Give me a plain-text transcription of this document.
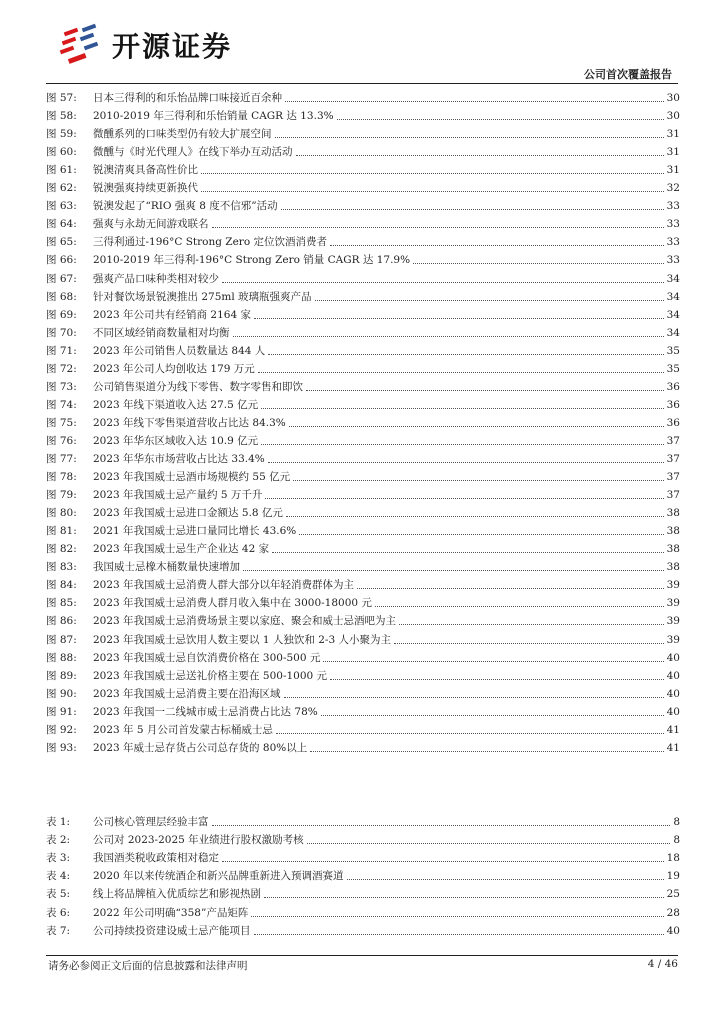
开源证券
公司首次覆盖报告
图 57:	日本三得利的和乐怡品牌口味接近百余种	30
图 58:	2010-2019 年三得利和乐怡销量 CAGR 达 13.3%	30
图 59:	微醺系列的口味类型仍有较大扩展空间	31
图 60:	微醺与《时光代理人》在线下举办互动活动	31
图 61:	锐澳清爽具备高性价比	31
图 62:	锐澳强爽持续更新换代	32
图 63:	锐澳发起了“RIO 强爽 8 度不信邪”活动	33
图 64:	强爽与永劫无间游戏联名	33
图 65:	三得利通过-196°C Strong Zero 定位饮酒消费者	33
图 66:	2010-2019 年三得利-196°C Strong Zero 销量 CAGR 达 17.9%	33
图 67:	强爽产品口味种类相对较少	34
图 68:	针对餐饮场景锐澳推出 275ml 玻璃瓶强爽产品	34
图 69:	2023 年公司共有经销商 2164 家	34
图 70:	不同区域经销商数量相对均衡	34
图 71:	2023 年公司销售人员数量达 844 人	35
图 72:	2023 年公司人均创收达 179 万元	35
图 73:	公司销售渠道分为线下零售、数字零售和即饮	36
图 74:	2023 年线下渠道收入达 27.5 亿元	36
图 75:	2023 年线下零售渠道营收占比达 84.3%	36
图 76:	2023 年华东区域收入达 10.9 亿元	37
图 77:	2023 年华东市场营收占比达 33.4%	37
图 78:	2023 年我国威士忌酒市场规模约 55 亿元	37
图 79:	2023 年我国威士忌产量约 5 万千升	37
图 80:	2023 年我国威士忌进口金额达 5.8 亿元	38
图 81:	2021 年我国威士忌进口量同比增长 43.6%	38
图 82:	2023 年我国威士忌生产企业达 42 家	38
图 83:	我国威士忌橡木桶数量快速增加	38
图 84:	2023 年我国威士忌消费人群大部分以年轻消费群体为主	39
图 85:	2023 年我国威士忌消费人群月收入集中在 3000-18000 元	39
图 86:	2023 年我国威士忌消费场景主要以家庭、聚会和威士忌酒吧为主	39
图 87:	2023 年我国威士忌饮用人数主要以 1 人独饮和 2-3 人小聚为主	39
图 88:	2023 年我国威士忌自饮消费价格在 300-500 元	40
图 89:	2023 年我国威士忌送礼价格主要在 500-1000 元	40
图 90:	2023 年我国威士忌消费主要在沿海区域	40
图 91:	2023 年我国一二线城市威士忌消费占比达 78%	40
图 92:	2023 年 5 月公司首发蒙古标桶威士忌	41
图 93:	2023 年威士忌存货占公司总存货的 80%以上	41
表 1:	公司核心管理层经验丰富	8
表 2:	公司对 2023-2025 年业绩进行股权激励考核	8
表 3:	我国酒类税收政策相对稳定	18
表 4:	2020 年以来传统酒企和新兴品牌重新进入预调酒赛道	19
表 5:	线上将品牌植入优质综艺和影视热剧	25
表 6:	2022 年公司明确“358”产品矩阵	28
表 7:	公司持续投资建设威士忌产能项目	40
请务必参阅正文后面的信息披露和法律声明	4 / 46
